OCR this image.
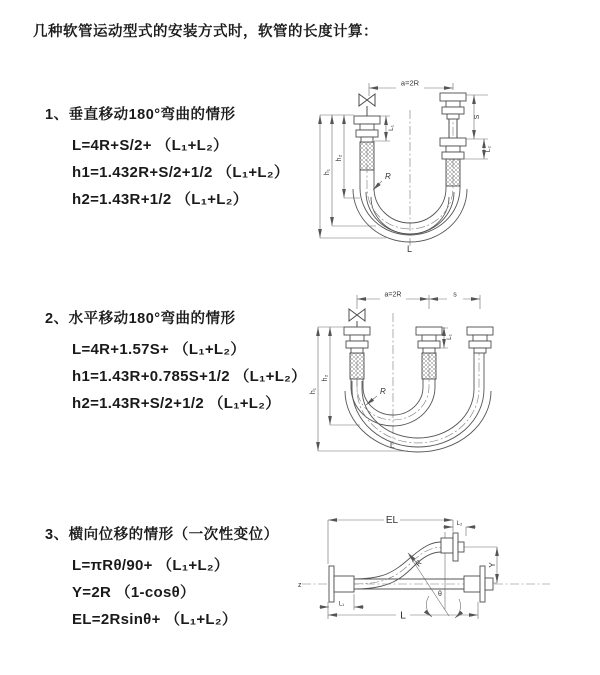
几种软管运动型式的安装方式时，软管的长度计算：
1、垂直移动180°弯曲的情形
L=4R+S/2+ （L₁+L₂）
h1=1.432R+S/2+1/2 （L₁+L₂）
h2=1.43R+1/2 （L₁+L₂）
2、水平移动180°弯曲的情形
L=4R+1.57S+ （L₁+L₂）
h1=1.43R+0.785S+1/2 （L₁+L₂）
h2=1.43R+S/2+1/2 （L₁+L₂）
3、横向位移的情形（一次性变位）
L=πRθ/90+ （L₁+L₂）
Y=2R （1-cosθ）
EL=2Rsinθ+ （L₁+L₂）
a=2R
h₁
h₂
L₁
S
L₂
R
L
a=2R	s
h₁
h₂
L₁
R
L
z
θ
EL	L₂
Y
L
L₁
R
